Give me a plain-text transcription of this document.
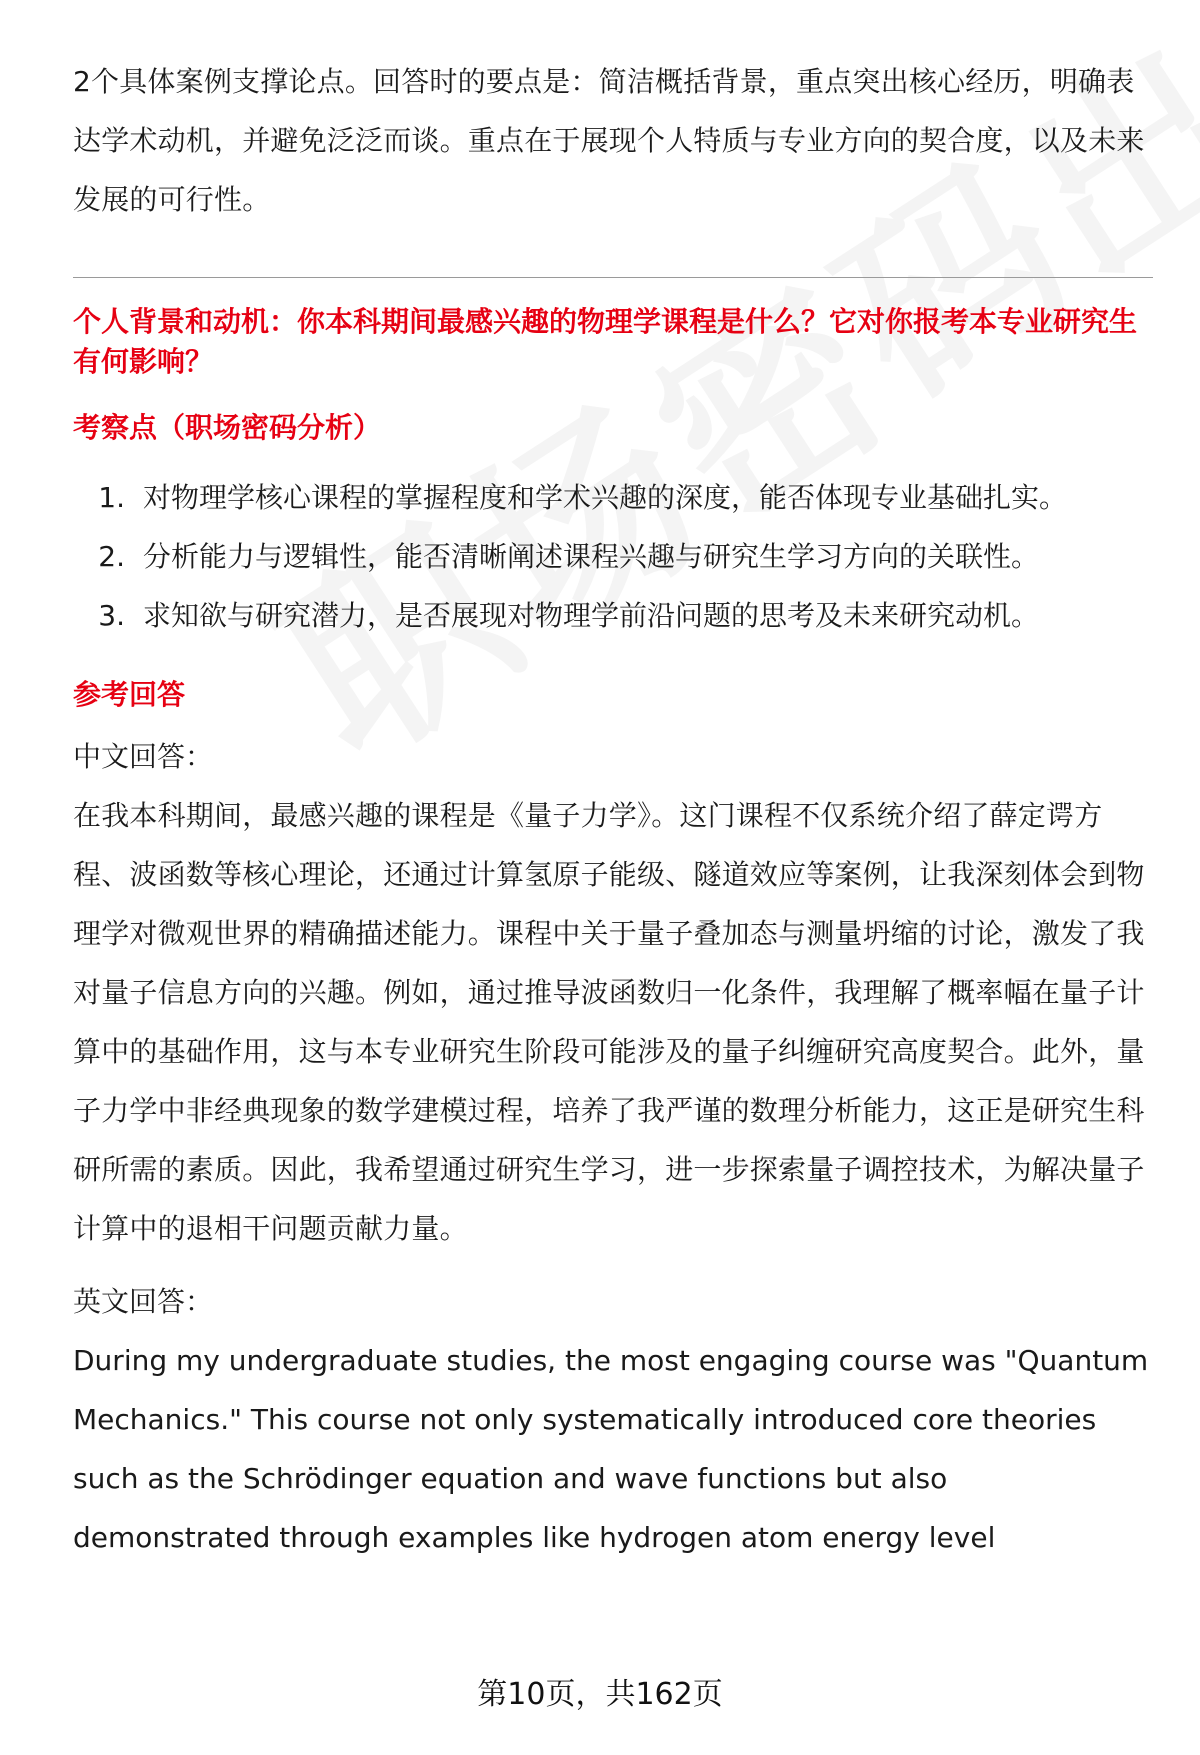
2个具体案例支撑论点。回答时的要点是：简洁概括背景，重点突出核心经历，明确表达学术动机，并避免泛泛而谈。重点在于展现个人特质与专业方向的契合度，以及未来发展的可行性。

个人背景和动机：你本科期间最感兴趣的物理学课程是什么？它对你报考本专业研究生有何影响？

考察点（职场密码分析）

1. 对物理学核心课程的掌握程度和学术兴趣的深度，能否体现专业基础扎实。
2. 分析能力与逻辑性，能否清晰阐述课程兴趣与研究生学习方向的关联性。
3. 求知欲与研究潜力，是否展现对物理学前沿问题的思考及未来研究动机。

参考回答

中文回答：

在我本科期间，最感兴趣的课程是《量子力学》。这门课程不仅系统介绍了薛定谔方程、波函数等核心理论，还通过计算氢原子能级、隧道效应等案例，让我深刻体会到物理学对微观世界的精确描述能力。课程中关于量子叠加态与测量坍缩的讨论，激发了我对量子信息方向的兴趣。例如，通过推导波函数归一化条件，我理解了概率幅在量子计算中的基础作用，这与本专业研究生阶段可能涉及的量子纠缠研究高度契合。此外，量子力学中非经典现象的数学建模过程，培养了我严谨的数理分析能力，这正是研究生科研所需的素质。因此，我希望通过研究生学习，进一步探索量子调控技术，为解决量子计算中的退相干问题贡献力量。

英文回答：

During my undergraduate studies, the most engaging course was "Quantum Mechanics." This course not only systematically introduced core theories such as the Schrödinger equation and wave functions but also demonstrated through examples like hydrogen atom energy level

第10页，共162页
